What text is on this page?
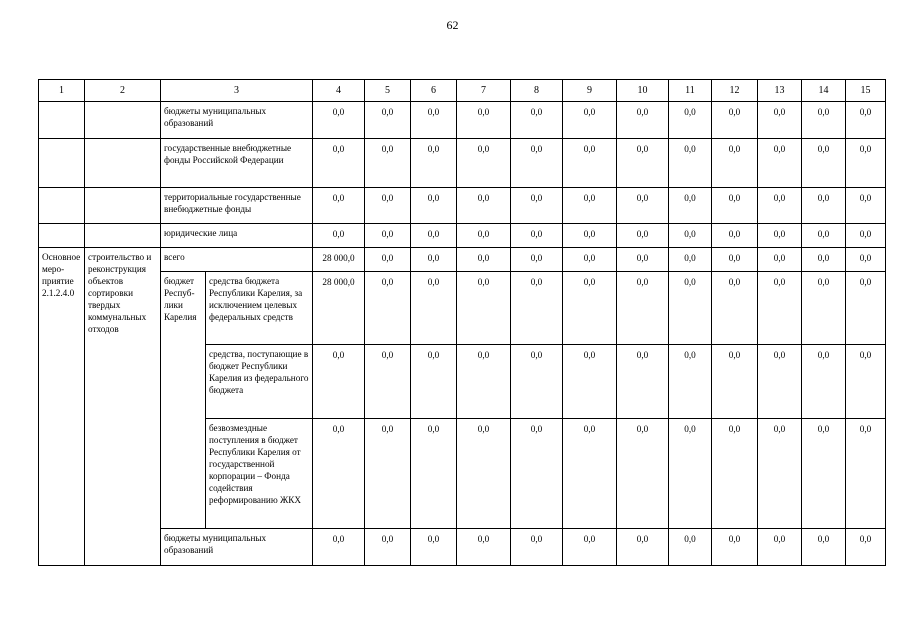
62
1	2	3		4	5	6	7	8	9	10	11	12	13	14	15
		бюджеты муниципальных образований		0,0	0,0	0,0	0,0	0,0	0,0	0,0	0,0	0,0	0,0	0,0	0,0
		государственные внебюджетные фонды Российской Федерации		0,0	0,0	0,0	0,0	0,0	0,0	0,0	0,0	0,0	0,0	0,0	0,0
		территориальные государственные внебюджетные фонды		0,0	0,0	0,0	0,0	0,0	0,0	0,0	0,0	0,0	0,0	0,0	0,0
		юридические лица		0,0	0,0	0,0	0,0	0,0	0,0	0,0	0,0	0,0	0,0	0,0	0,0
Основное мероприятие 2.1.2.4.0	строительство и реконструкция объектов сортировки твердых коммунальных отходов	всего		28 000,0	0,0	0,0	0,0	0,0	0,0	0,0	0,0	0,0	0,0	0,0	0,0
		бюджет Республики Карелия	средства бюджета Республики Карелия, за исключением целевых федеральных средств	28 000,0	0,0	0,0	0,0	0,0	0,0	0,0	0,0	0,0	0,0	0,0	0,0
			средства, поступающие в бюджет Республики Карелия из федерального бюджета	0,0	0,0	0,0	0,0	0,0	0,0	0,0	0,0	0,0	0,0	0,0	0,0
			безвозмездные поступления в бюджет Республики Карелия от государственной корпорации – Фонда содействия реформированию ЖКХ	0,0	0,0	0,0	0,0	0,0	0,0	0,0	0,0	0,0	0,0	0,0	0,0
		бюджеты муниципальных образований		0,0	0,0	0,0	0,0	0,0	0,0	0,0	0,0	0,0	0,0	0,0	0,0
